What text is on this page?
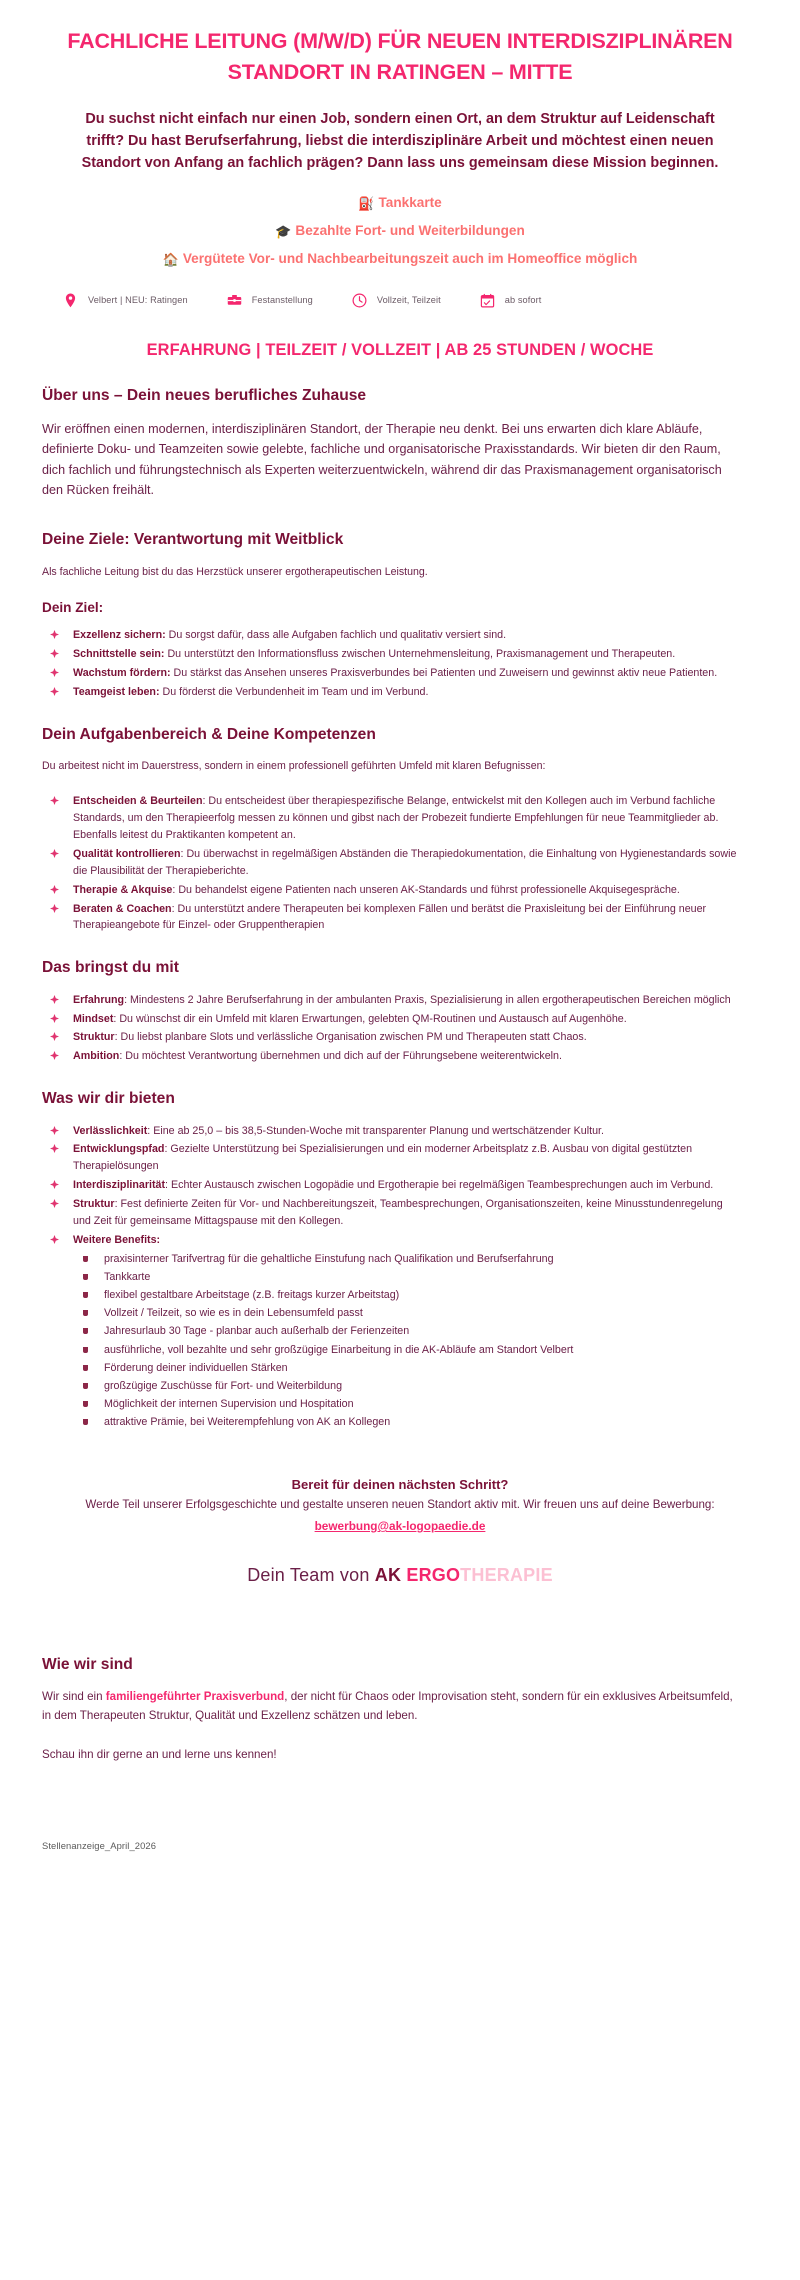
FACHLICHE LEITUNG (M/W/D) FÜR NEUEN INTERDISZIPLINÄREN STANDORT IN RATINGEN – MITTE

Du suchst nicht einfach nur einen Job, sondern einen Ort, an dem Struktur auf Leidenschaft trifft? Du hast Berufserfahrung, liebst die interdisziplinäre Arbeit und möchtest einen neuen Standort von Anfang an fachlich prägen? Dann lass uns gemeinsam diese Mission beginnen.

⛽ Tankkarte
🎓 Bezahlte Fort- und Weiterbildungen
🏠 Vergütete Vor- und Nachbearbeitungszeit auch im Homeoffice möglich
Velbert | NEU: Ratingen	Festanstellung	Vollzeit, Teilzeit	ab sofort
ERFAHRUNG | TEILZEIT / VOLLZEIT | AB 25 STUNDEN / WOCHE
Über uns – Dein neues berufliches Zuhause

Wir eröffnen einen modernen, interdisziplinären Standort, der Therapie neu denkt. Bei uns erwarten dich klare Abläufe, definierte Doku- und Teamzeiten sowie gelebte, fachliche und organisatorische Praxisstandards. Wir bieten dir den Raum, dich fachlich und führungstechnisch als Experten weiterzuentwickeln, während dir das Praxismanagement organisatorisch den Rücken freihält.

Deine Ziele: Verantwortung mit Weitblick

Als fachliche Leitung bist du das Herzstück unserer ergotherapeutischen Leistung.

Dein Ziel:
Exzellenz sichern: Du sorgst dafür, dass alle Aufgaben fachlich und qualitativ versiert sind.
Schnittstelle sein: Du unterstützt den Informationsfluss zwischen Unternehmensleitung, Praxismanagement und Therapeuten.
Wachstum fördern: Du stärkst das Ansehen unseres Praxisverbundes bei Patienten und Zuweisern und gewinnst aktiv neue Patienten.
Teamgeist leben: Du förderst die Verbundenheit im Team und im Verbund.
Dein Aufgabenbereich & Deine Kompetenzen

Du arbeitest nicht im Dauerstress, sondern in einem professionell geführten Umfeld mit klaren Befugnissen:

Entscheiden & Beurteilen: Du entscheidest über therapiespezifische Belange, entwickelst mit den Kollegen auch im Verbund fachliche Standards, um den Therapieerfolg messen zu können und gibst nach der Probezeit fundierte Empfehlungen für neue Teammitglieder ab. Ebenfalls leitest du Praktikanten kompetent an.
Qualität kontrollieren: Du überwachst in regelmäßigen Abständen die Therapiedokumentation, die Einhaltung von Hygienestandards sowie die Plausibilität der Therapieberichte.
Therapie & Akquise: Du behandelst eigene Patienten nach unseren AK-Standards und führst professionelle Akquisegespräche.
Beraten & Coachen: Du unterstützt andere Therapeuten bei komplexen Fällen und berätst die Praxisleitung bei der Einführung neuer Therapieangebote für Einzel- oder Gruppentherapien
Das bringst du mit
Erfahrung: Mindestens 2 Jahre Berufserfahrung in der ambulanten Praxis, Spezialisierung in allen ergotherapeutischen Bereichen möglich
Mindset: Du wünschst dir ein Umfeld mit klaren Erwartungen, gelebten QM-Routinen und Austausch auf Augenhöhe.
Struktur: Du liebst planbare Slots und verlässliche Organisation zwischen PM und Therapeuten statt Chaos.
Ambition: Du möchtest Verantwortung übernehmen und dich auf der Führungsebene weiterentwickeln.
Was wir dir bieten
Verlässlichkeit: Eine ab 25,0 – bis 38,5-Stunden-Woche mit transparenter Planung und wertschätzender Kultur.
Entwicklungspfad: Gezielte Unterstützung bei Spezialisierungen und ein moderner Arbeitsplatz z.B. Ausbau von digital gestützten Therapielösungen
Interdisziplinarität: Echter Austausch zwischen Logopädie und Ergotherapie bei regelmäßigen Teambesprechungen auch im Verbund.
Struktur: Fest definierte Zeiten für Vor- und Nachbereitungszeit, Teambesprechungen, Organisationszeiten, keine Minusstundenregelung und Zeit für gemeinsame Mittagspause mit den Kollegen.
Weitere Benefits:
praxisinterner Tarifvertrag für die gehaltliche Einstufung nach Qualifikation und Berufserfahrung
Tankkarte
flexibel gestaltbare Arbeitstage (z.B. freitags kurzer Arbeitstag)
Vollzeit / Teilzeit, so wie es in dein Lebensumfeld passt
Jahresurlaub 30 Tage - planbar auch außerhalb der Ferienzeiten
ausführliche, voll bezahlte und sehr großzügige Einarbeitung in die AK-Abläufe am Standort Velbert
Förderung deiner individuellen Stärken
großzügige Zuschüsse für Fort- und Weiterbildung
Möglichkeit der internen Supervision und Hospitation
attraktive Prämie, bei Weiterempfehlung von AK an Kollegen
Bereit für deinen nächsten Schritt?
Werde Teil unserer Erfolgsgeschichte und gestalte unseren neuen Standort aktiv mit. Wir freuen uns auf deine Bewerbung:
bewerbung@ak-logopaedie.de
Dein Team von AK ERGOTHERAPIE
Wie wir sind

Wir sind ein familiengeführter Praxisverbund, der nicht für Chaos oder Improvisation steht, sondern für ein exklusives Arbeitsumfeld, in dem Therapeuten Struktur, Qualität und Exzellenz schätzen und leben.

Schau ihn dir gerne an und lerne uns kennen!

Stellenanzeige_April_2026
